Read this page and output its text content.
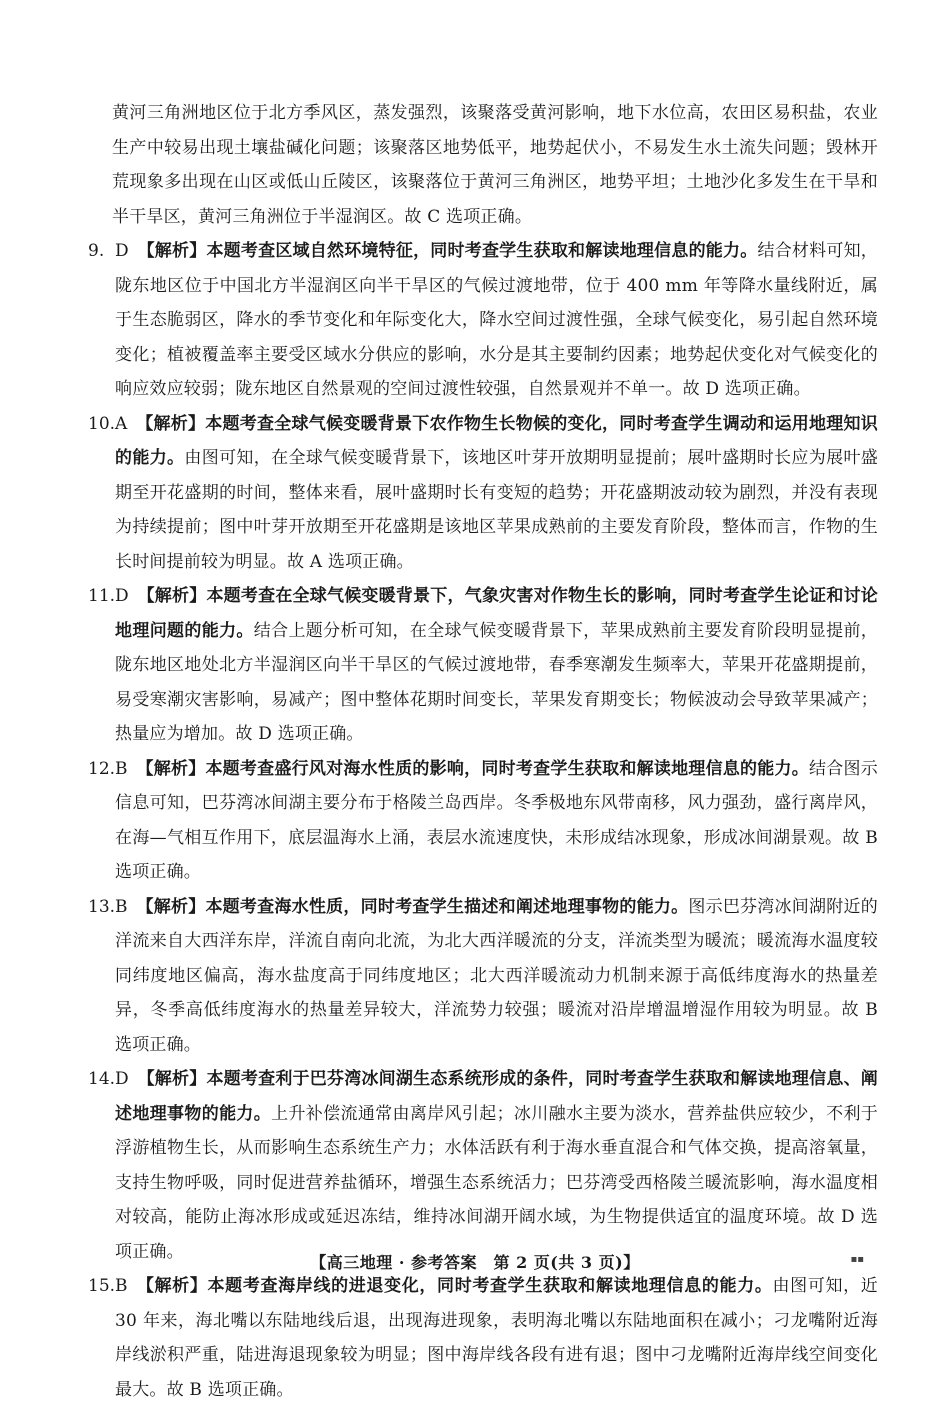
黄河三角洲地区位于北方季风区，蒸发强烈，该聚落受黄河影响，地下水位高，农田区易积盐，农业生产中较易出现土壤盐碱化问题；该聚落区地势低平，地势起伏小，不易发生水土流失问题；毁林开荒现象多出现在山区或低山丘陵区，该聚落位于黄河三角洲区，地势平坦；土地沙化多发生在干旱和半干旱区，黄河三角洲位于半湿润区。故 C 选项正确。
9. D  【解析】本题考查区域自然环境特征，同时考查学生获取和解读地理信息的能力。结合材料可知，陇东地区位于中国北方半湿润区向半干旱区的气候过渡地带，位于 400 mm 年等降水量线附近，属于生态脆弱区，降水的季节变化和年际变化大，降水空间过渡性强，全球气候变化，易引起自然环境变化；植被覆盖率主要受区域水分供应的影响，水分是其主要制约因素；地势起伏变化对气候变化的响应效应较弱；陇东地区自然景观的空间过渡性较强，自然景观并不单一。故 D 选项正确。
10. A  【解析】本题考查全球气候变暖背景下农作物生长物候的变化，同时考查学生调动和运用地理知识的能力。由图可知，在全球气候变暖背景下，该地区叶芽开放期明显提前；展叶盛期时长应为展叶盛期至开花盛期的时间，整体来看，展叶盛期时长有变短的趋势；开花盛期波动较为剧烈，并没有表现为持续提前；图中叶芽开放期至开花盛期是该地区苹果成熟前的主要发育阶段，整体而言，作物的生长时间提前较为明显。故 A 选项正确。
11. D  【解析】本题考查在全球气候变暖背景下，气象灾害对作物生长的影响，同时考查学生论证和讨论地理问题的能力。结合上题分析可知，在全球气候变暖背景下，苹果成熟前主要发育阶段明显提前，陇东地区地处北方半湿润区向半干旱区的气候过渡地带，春季寒潮发生频率大，苹果开花盛期提前，易受寒潮灾害影响，易减产；图中整体花期时间变长，苹果发育期变长；物候波动会导致苹果减产；热量应为增加。故 D 选项正确。
12. B  【解析】本题考查盛行风对海水性质的影响，同时考查学生获取和解读地理信息的能力。结合图示信息可知，巴芬湾冰间湖主要分布于格陵兰岛西岸。冬季极地东风带南移，风力强劲，盛行离岸风，在海—气相互作用下，底层温海水上涌，表层水流速度快，未形成结冰现象，形成冰间湖景观。故 B 选项正确。
13. B  【解析】本题考查海水性质，同时考查学生描述和阐述地理事物的能力。图示巴芬湾冰间湖附近的洋流来自大西洋东岸，洋流自南向北流，为北大西洋暖流的分支，洋流类型为暖流；暖流海水温度较同纬度地区偏高，海水盐度高于同纬度地区；北大西洋暖流动力机制来源于高低纬度海水的热量差异，冬季高低纬度海水的热量差异较大，洋流势力较强；暖流对沿岸增温增湿作用较为明显。故 B 选项正确。
14. D  【解析】本题考查利于巴芬湾冰间湖生态系统形成的条件，同时考查学生获取和解读地理信息、阐述地理事物的能力。上升补偿流通常由离岸风引起；冰川融水主要为淡水，营养盐供应较少，不利于浮游植物生长，从而影响生态系统生产力；水体活跃有利于海水垂直混合和气体交换，提高溶氧量，支持生物呼吸，同时促进营养盐循环，增强生态系统活力；巴芬湾受西格陵兰暖流影响，海水温度相对较高，能防止海冰形成或延迟冻结，维持冰间湖开阔水域，为生物提供适宜的温度环境。故 D 选项正确。
15. B  【解析】本题考查海岸线的进退变化，同时考查学生获取和解读地理信息的能力。由图可知，近 30 年来，海北嘴以东陆地线后退，出现海进现象，表明海北嘴以东陆地面积在减小；刁龙嘴附近海岸线淤积严重，陆进海退现象较为明显；图中海岸线各段有进有退；图中刁龙嘴附近海岸线空间变化最大。故 B 选项正确。
【高三地理 · 参考答案　第 2 页(共 3 页)】	▪▪
